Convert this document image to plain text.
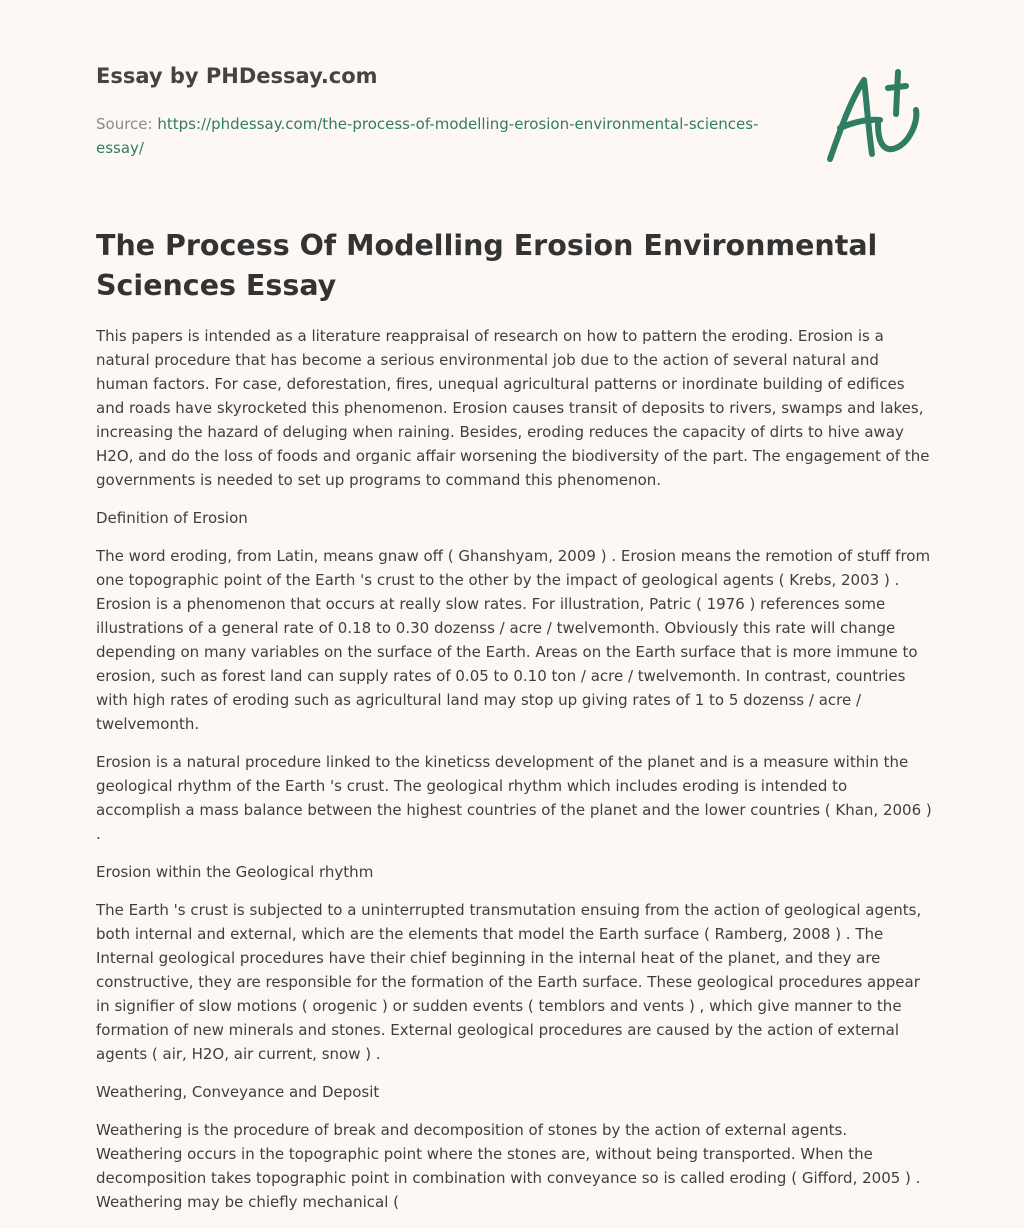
Essay by PHDessay.com
Source: https://phdessay.com/the-process-of-modelling-erosion-environmental-sciences-essay/
The Process Of Modelling Erosion Environmental Sciences Essay

This papers is intended as a literature reappraisal of research on how to pattern the eroding. Erosion is a natural procedure that has become a serious environmental job due to the action of several natural and human factors. For case, deforestation, fires, unequal agricultural patterns or inordinate building of edifices and roads have skyrocketed this phenomenon. Erosion causes transit of deposits to rivers, swamps and lakes, increasing the hazard of deluging when raining. Besides, eroding reduces the capacity of dirts to hive away H2O, and do the loss of foods and organic affair worsening the biodiversity of the part. The engagement of the governments is needed to set up programs to command this phenomenon.

Definition of Erosion

The word eroding, from Latin, means gnaw off ( Ghanshyam, 2009 ) . Erosion means the remotion of stuff from one topographic point of the Earth 's crust to the other by the impact of geological agents ( Krebs, 2003 ) . Erosion is a phenomenon that occurs at really slow rates. For illustration, Patric ( 1976 ) references some illustrations of a general rate of 0.18 to 0.30 dozenss / acre / twelvemonth. Obviously this rate will change depending on many variables on the surface of the Earth. Areas on the Earth surface that is more immune to erosion, such as forest land can supply rates of 0.05 to 0.10 ton / acre / twelvemonth. In contrast, countries with high rates of eroding such as agricultural land may stop up giving rates of 1 to 5 dozenss / acre / twelvemonth.

Erosion is a natural procedure linked to the kineticss development of the planet and is a measure within the geological rhythm of the Earth 's crust. The geological rhythm which includes eroding is intended to accomplish a mass balance between the highest countries of the planet and the lower countries ( Khan, 2006 ) .

Erosion within the Geological rhythm

The Earth 's crust is subjected to a uninterrupted transmutation ensuing from the action of geological agents, both internal and external, which are the elements that model the Earth surface ( Ramberg, 2008 ) . The Internal geological procedures have their chief beginning in the internal heat of the planet, and they are constructive, they are responsible for the formation of the Earth surface. These geological procedures appear in signifier of slow motions ( orogenic ) or sudden events ( temblors and vents ) , which give manner to the formation of new minerals and stones. External geological procedures are caused by the action of external agents ( air, H2O, air current, snow ) .

Weathering, Conveyance and Deposit

Weathering is the procedure of break and decomposition of stones by the action of external agents. Weathering occurs in the topographic point where the stones are, without being transported. When the decomposition takes topographic point in combination with conveyance so is called eroding ( Gifford, 2005 ) . Weathering may be chiefly mechanical (
